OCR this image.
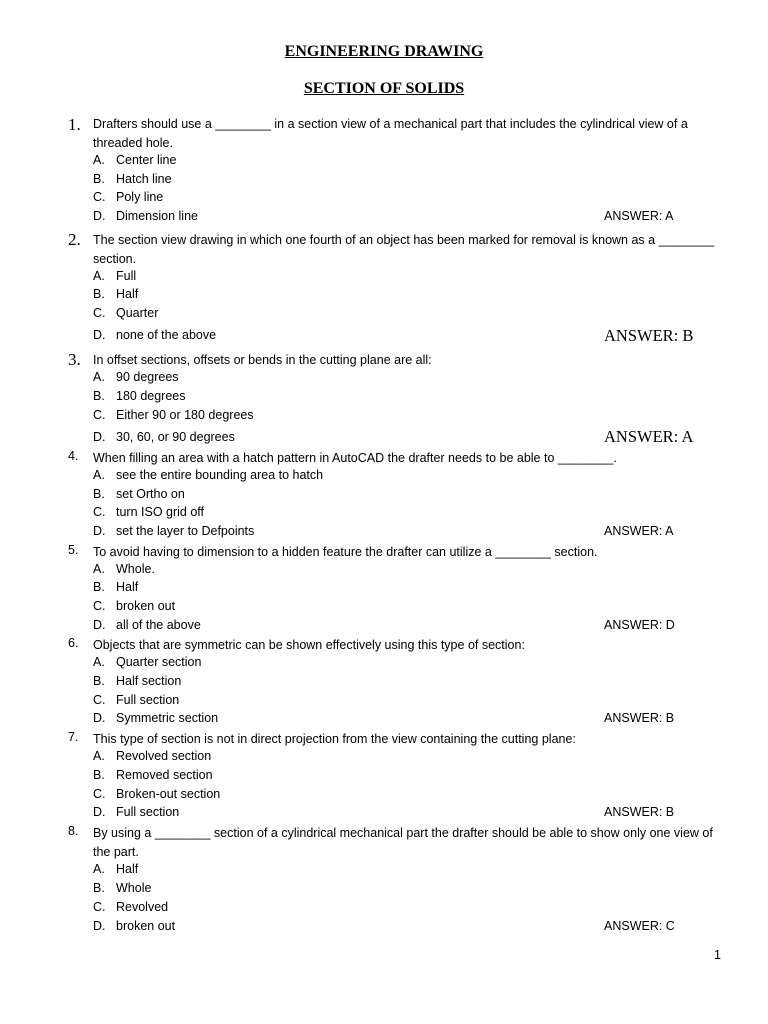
ENGINEERING DRAWING
SECTION OF SOLIDS
1. Drafters should use a ________ in a section view of a mechanical part that includes the cylindrical view of a threaded hole.
A. Center line
B. Hatch line
C. Poly line
D. Dimension line	ANSWER: A
2. The section view drawing in which one fourth of an object has been marked for removal is known as a ________ section.
A. Full
B. Half
C. Quarter
D. none of the above	ANSWER: B
3. In offset sections, offsets or bends in the cutting plane are all:
A. 90 degrees
B. 180 degrees
C. Either 90 or 180 degrees
D. 30, 60, or 90 degrees	ANSWER: A
4. When filling an area with a hatch pattern in AutoCAD the drafter needs to be able to ________.
A. see the entire bounding area to hatch
B. set Ortho on
C. turn ISO grid off
D. set the layer to Defpoints	ANSWER: A
5. To avoid having to dimension to a hidden feature the drafter can utilize a ________ section.
A. Whole.
B. Half
C. broken out
D. all of the above	ANSWER: D
6. Objects that are symmetric can be shown effectively using this type of section:
A. Quarter section
B. Half section
C. Full section
D. Symmetric section	ANSWER: B
7. This type of section is not in direct projection from the view containing the cutting plane:
A. Revolved section
B. Removed section
C. Broken-out section
D. Full section	ANSWER: B
8. By using a ________ section of a cylindrical mechanical part the drafter should be able to show only one view of the part.
A. Half
B. Whole
C. Revolved
D. broken out	ANSWER: C
1
